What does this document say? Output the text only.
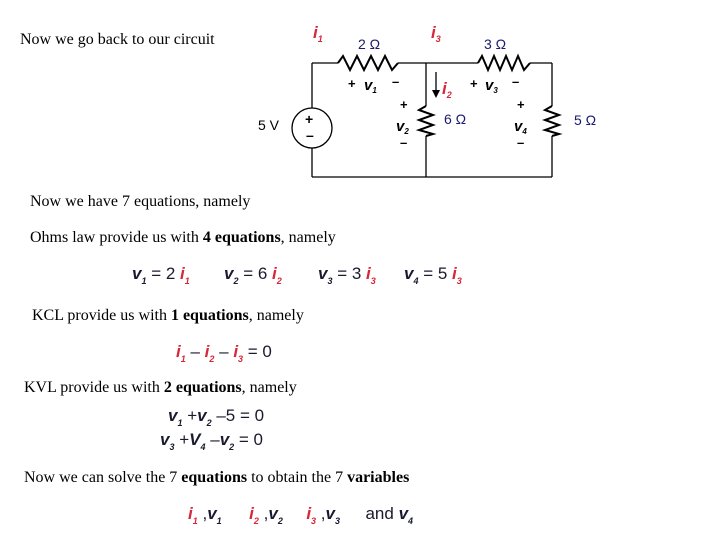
Now we go back to our circuit
+
–
5 V
2 Ω	3 Ω
6 Ω	5 Ω
$i_1$	$i_3$
$i_2$
+ $v_1$
–
+
$v_2$
–
+ $v_3$
–
+
$v_4$
–
Now we have 7 equations, namely
Ohms law provide us with 4 equations, namely
$v_1 = 2$ $i_1$ $v_2 = 6$ $i_2$ $v_3 = 3$ $i_3$ $v_4 = 5$ $i_3$
KCL provide us with 1 equations, namely
$i_1 - i_2 - i_3 = 0$
KVL provide us with 2 equations, namely
$v_1 +v_2$ –5 = 0
$v_3 +V_4$ $-v_2 = 0$
Now we can solve the 7 equations to obtain the 7 variables
$i_1$ $,v_1$ $i_2$ $,v_2$ $i_3$ $,v_3$ and $v_4$
